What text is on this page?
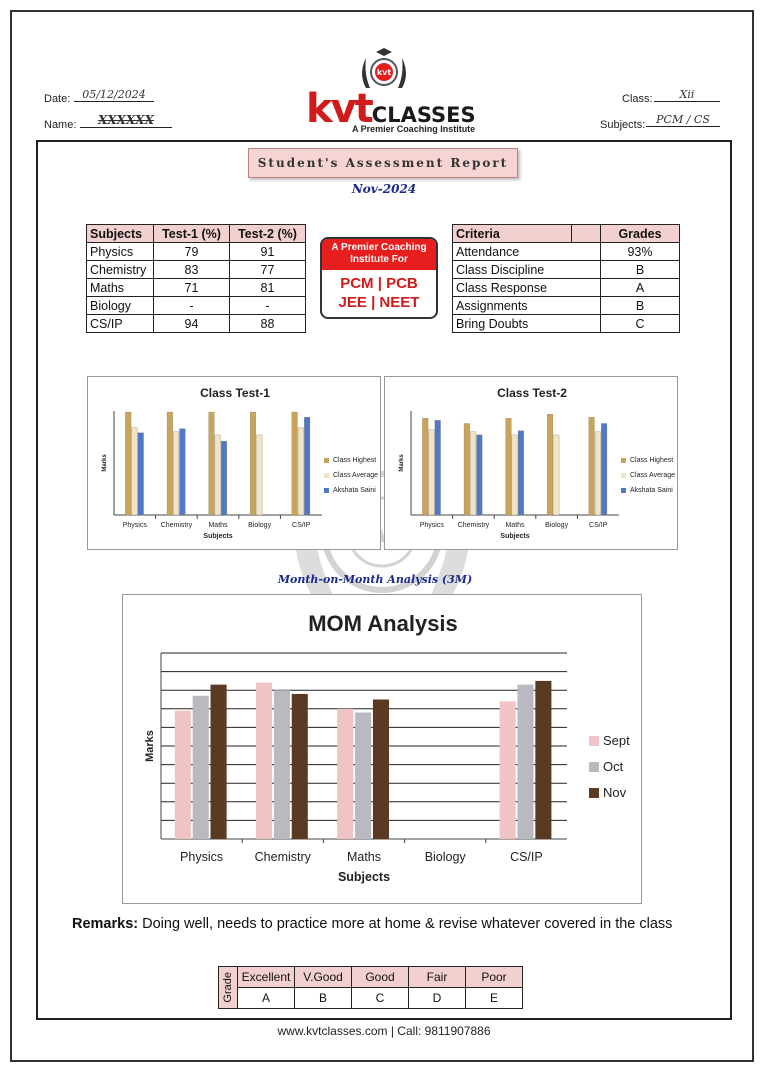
Date:	05/12/2024
Name:	XXXXXX
Class:	Xii
Subjects: PCM / CS
kvt
kvtCLASSES
A Premier Coaching Institute
kvt
Student's Assessment Report
Nov-2024
Subjects	Test-1 (%)	Test-2 (%)
Physics	79	91
Chemistry	83	77
Maths	71	81
Biology	-	-
CS/IP	94	88
A Premier Coaching Institute For
PCM | PCB
JEE | NEET
Criteria		Grades
Attendance		93%
Class Discipline		B
Class Response		A
Assignments		B
Bring Doubts		C
Class Test-1
Physics Chemistry Maths	Biology	CS/IP
Subjects
Marks	Class Highest
Class Average
Akshata Saini
Class Test-2
Physics Chemistry Maths	Biology	CS/IP
Subjects
Marks	Class Highest
Class Average
Akshata Saini
Month-on-Month Analysis (3M)
MOM Analysis
Physics	Chemistry	Maths	Biology	CS/IP
Subjects
Marks	Sept
Oct
Nov
Remarks: Doing well, needs to practice more at home & revise whatever covered in the class
Grade	Excellent	V.Good	Good	Fair	Poor
	A	B	C	D	E
www.kvtclasses.com | Call: 9811907886
